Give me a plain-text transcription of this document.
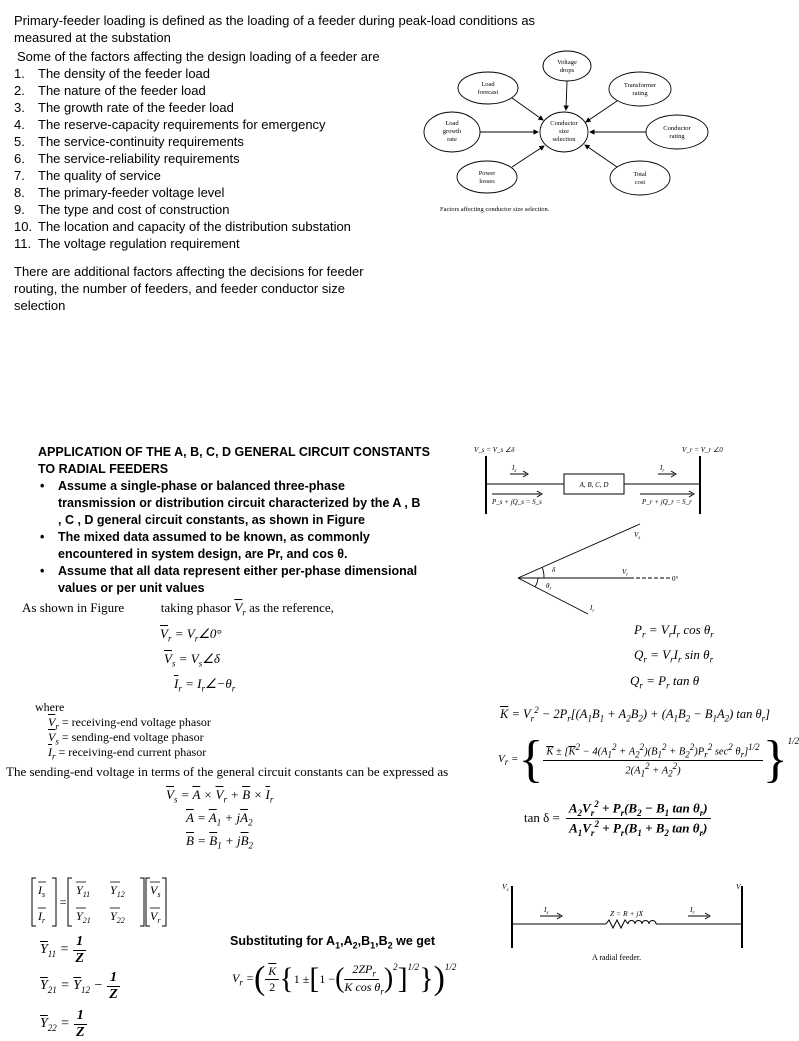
Primary-feeder loading is defined as the loading of a feeder during peak-load conditions as measured at the substation
Some of the factors affecting the design loading of a feeder are
1.	The density of the feeder load
2.	The nature of the feeder load
3.	The growth rate of the feeder load
4.	The reserve-capacity requirements for emergency
5.	The service-continuity requirements
6.	The service-reliability requirements
7.	The quality of service
8.	The primary-feeder voltage level
9.	The type and cost of construction
10. The location and capacity of the distribution substation
11. The voltage regulation requirement
There are additional factors affecting the decisions for feeder routing, the number of feeders, and feeder conductor size selection
Conductor
size
selection
Voltage
drops
Load
forecast
Transformer
rating
Load
growth
rate
Conductor
rating
Power
losses
Total
cost
Factors affecting conductor size selection.
APPLICATION OF THE A, B, C, D GENERAL CIRCUIT CONSTANTS
TO RADIAL FEEDERS
•	Assume a single-phase or balanced three-phase
transmission or distribution circuit characterized by the A , B
, C , D general circuit constants, as shown in Figure
•	The mixed data assumed to be known, as commonly
encountered in system design, are Pr, and cos θ.
•	Assume that all data represent either per-phase dimensional
values or per unit values
As shown in Figure	taking phasor $\overline{V}_r$ as the reference,
$\overline{V}_r$ = $V_r\angle 0^\circ$
$\overline{V}_s$ = $V_s\angle\delta$
$\overline{I}_r$ = $I_r\angle-\theta_r$
where
$\overline{V}_r$ = receiving-end voltage phasor
$\overline{V}_s$ = sending-end voltage phasor
$\overline{I}_r$ = receiving-end current phasor
The sending-end voltage in terms of the general circuit constants can be expressed as
$\overline{V}_s = \overline{A} \times \overline{V}_r + \overline{B} \times \overline{I}_r$
$\overline{A} = \overline{A}_1 + j\overline{A}_2$
$\overline{B} = \overline{B}_1 + j\overline{B}_2$
$P_r = V_rI_r$ $\cos \theta_r$
$Q_r = V_rI_r$ $\sin \theta_r$
$Q_r = P_r$ tan θ
$\overline{K} = V_r^2 - 2P_r[(A_1B_1 + A_2B_2) + (A_1B_2 - B_1A_2)$ $\tan \theta_r$]
$V_r$ = { $\frac{\overline{K} \pm [\overline{K}^2 - 4(A_1^2 + A_2^2)(B_1^2 + B_2^2)P_r^2 \sec^2 \theta_r]^{1/2}}{2(A_1^2 + A_2^2)} \}^{1/2}$
$\tan \delta = \frac{A_2V_r^2 + P_r(B_2 - B_1 \tan \theta_r)}{A_1V_r^2 + P_r(B_1 + B_2 \tan \theta_r)}$
$I_s$
$I_r$
=
$Y_{11}$ $Y_{12}$
$Y_{21}$ $Y_{22}$
$V_s$
$V_r$
$\overline{Y}_{11} = \frac{1}{Z}$
$\overline{Y}_{21} = \overline{Y}_{12} - \frac{1}{Z}$
$\overline{Y}_{22} = \frac{1}{Z}$
Substituting for $A_1,A_2,B_1,B_2$ we get
$V_r$ = ( $\frac{\overline{K}}{2}$ { 1 ± [ 1 − ( $\frac{2ZP_r}{\overline{K} \cos \theta_r} )^2$ ]$^{1/2}$ } )$^{1/2}$
V_s = V_s ∠δ	V_r = V_r ∠0
A, B, C, D
$I_s$	$I_r$
P_s + jQ_s = S_s	P_r + jQ_r = S_r
$V_s$
$V_r$
$I_r$
δ
$\theta_r$
0°
$V_s$	$V_r$
$I_s$	$I_r$
Z = R + jX
A radial feeder.
